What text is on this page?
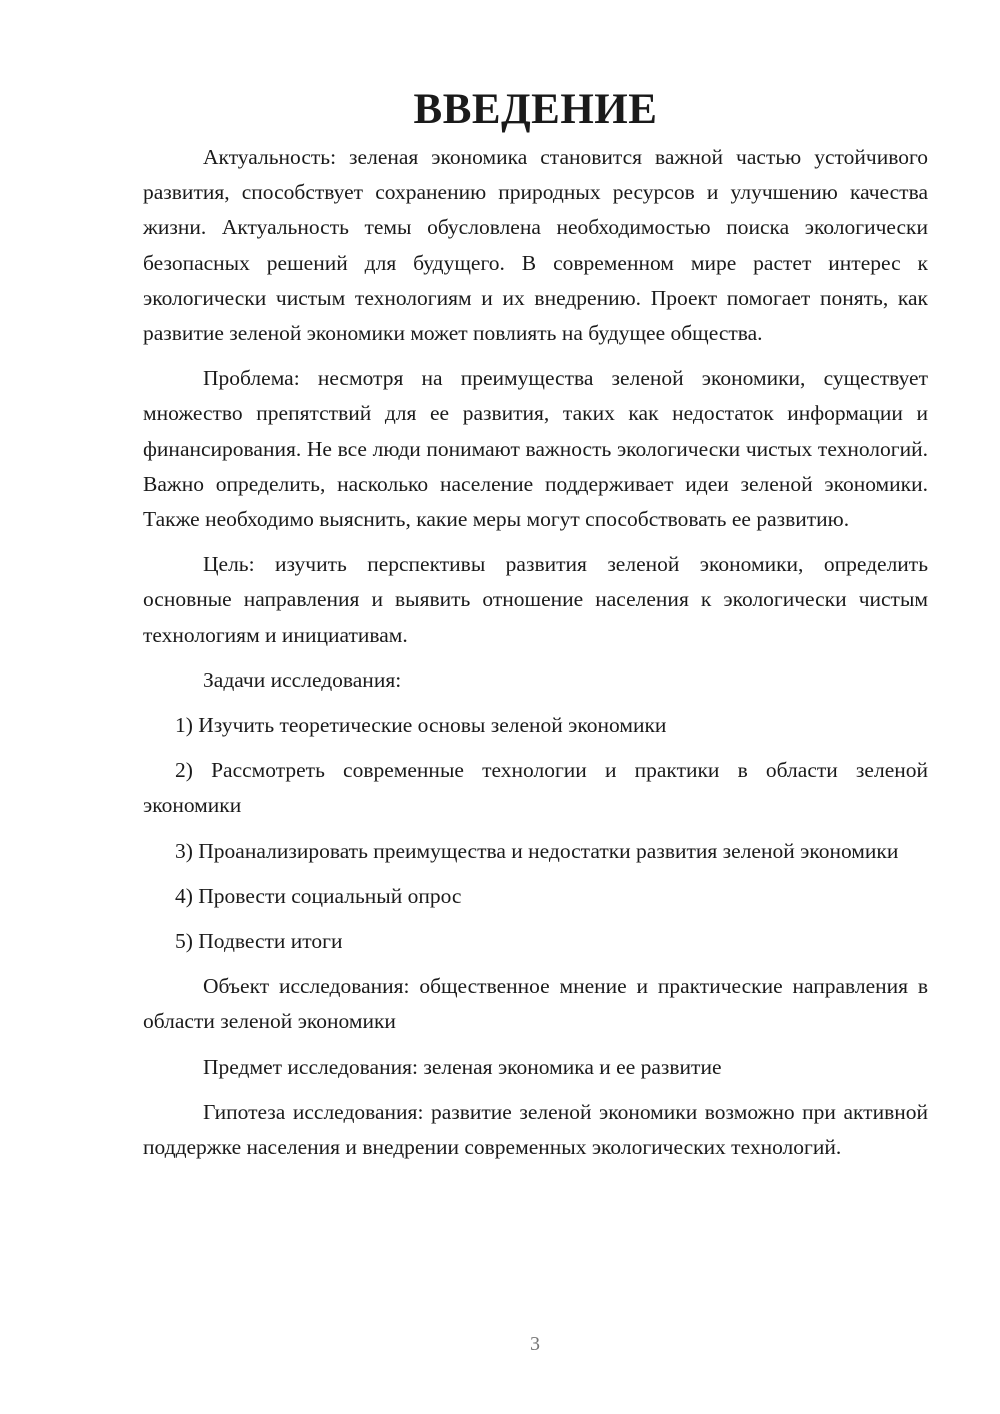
ВВЕДЕНИЕ

Актуальность: зеленая экономика становится важной частью устойчивого развития, способствует сохранению природных ресурсов и улучшению качества жизни. Актуальность темы обусловлена необходимостью поиска экологически безопасных решений для будущего. В современном мире растет интерес к экологически чистым технологиям и их внедрению. Проект помогает понять, как развитие зеленой экономики может повлиять на будущее общества.

Проблема: несмотря на преимущества зеленой экономики, существует множество препятствий для ее развития, таких как недостаток информации и финансирования. Не все люди понимают важность экологически чистых технологий. Важно определить, насколько население поддерживает идеи зеленой экономики. Также необходимо выяснить, какие меры могут способствовать ее развитию.

Цель: изучить перспективы развития зеленой экономики, определить основные направления и выявить отношение населения к экологически чистым технологиям и инициативам.

Задачи исследования:

1) Изучить теоретические основы зеленой экономики

2) Рассмотреть современные технологии и практики в области зеленой экономики

3) Проанализировать преимущества и недостатки развития зеленой экономики

4) Провести социальный опрос

5) Подвести итоги

Объект исследования: общественное мнение и практические направления в области зеленой экономики

Предмет исследования: зеленая экономика и ее развитие

Гипотеза исследования: развитие зеленой экономики возможно при активной поддержке населения и внедрении современных экологических технологий.

3
